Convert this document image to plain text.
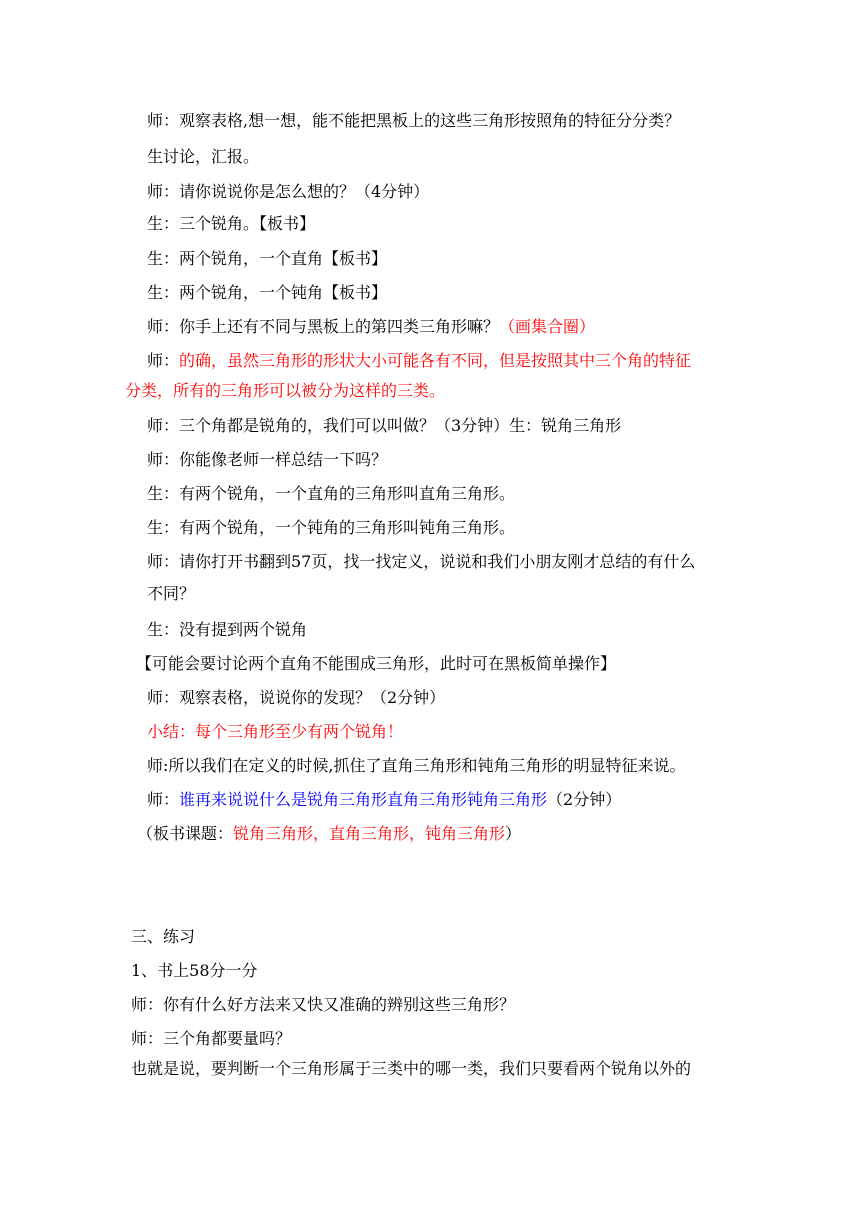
师：观察表格,想一想，能不能把黑板上的这些三角形按照角的特征分分类？
生讨论，汇报。
师：请你说说你是怎么想的？（4分钟）
生：三个锐角。【板书】
生：两个锐角，一个直角【板书】
生：两个锐角，一个钝角【板书】
师：你手上还有不同与黑板上的第四类三角形嘛？（画集合圈）
师：的确，虽然三角形的形状大小可能各有不同，但是按照其中三个角的特征
分类，所有的三角形可以被分为这样的三类。
师：三个角都是锐角的，我们可以叫做？（3分钟）生：锐角三角形
师：你能像老师一样总结一下吗？
生：有两个锐角，一个直角的三角形叫直角三角形。
生：有两个锐角，一个钝角的三角形叫钝角三角形。
师：请你打开书翻到57页，找一找定义，说说和我们小朋友刚才总结的有什么
不同？
生：没有提到两个锐角
【可能会要讨论两个直角不能围成三角形，此时可在黑板简单操作】
师：观察表格，说说你的发现？（2分钟）
小结：每个三角形至少有两个锐角！
师:所以我们在定义的时候,抓住了直角三角形和钝角三角形的明显特征来说。
师：谁再来说说什么是锐角三角形直角三角形钝角三角形（2分钟）
（板书课题：锐角三角形，直角三角形，钝角三角形）
三、练习
1、书上58分一分
师：你有什么好方法来又快又准确的辨别这些三角形？
师：三个角都要量吗？
也就是说，要判断一个三角形属于三类中的哪一类，我们只要看两个锐角以外的
